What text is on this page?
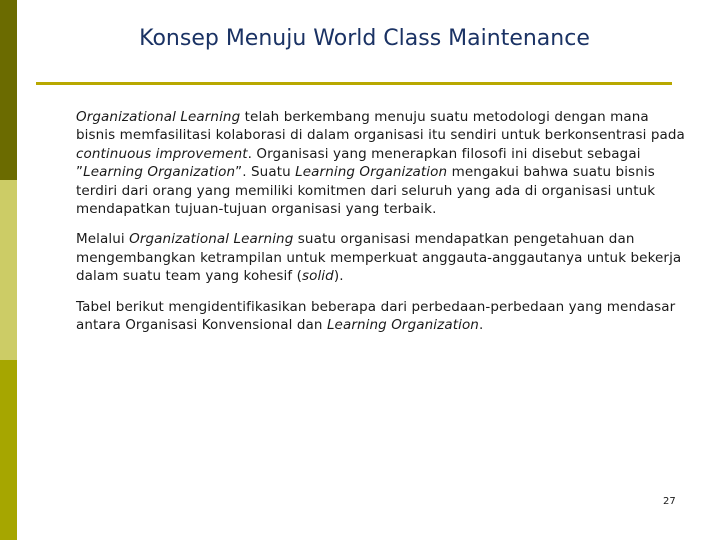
Konsep Menuju World Class Maintenance

Organizational Learning telah berkembang menuju suatu metodologi dengan mana bisnis memfasilitasi kolaborasi di dalam organisasi itu sendiri untuk berkonsentrasi pada continuous improvement. Organisasi yang menerapkan filosofi ini disebut sebagai ”Learning Organization”. Suatu Learning Organization mengakui bahwa suatu bisnis terdiri dari orang yang memiliki komitmen dari seluruh yang ada di organisasi untuk mendapatkan tujuan-tujuan organisasi yang terbaik.

Melalui Organizational Learning suatu organisasi mendapatkan pengetahuan dan mengembangkan ketrampilan untuk memperkuat anggauta-anggautanya untuk bekerja dalam suatu team yang kohesif (solid).

Tabel berikut mengidentifikasikan beberapa dari perbedaan-perbedaan yang mendasar antara Organisasi Konvensional dan Learning Organization.

27
